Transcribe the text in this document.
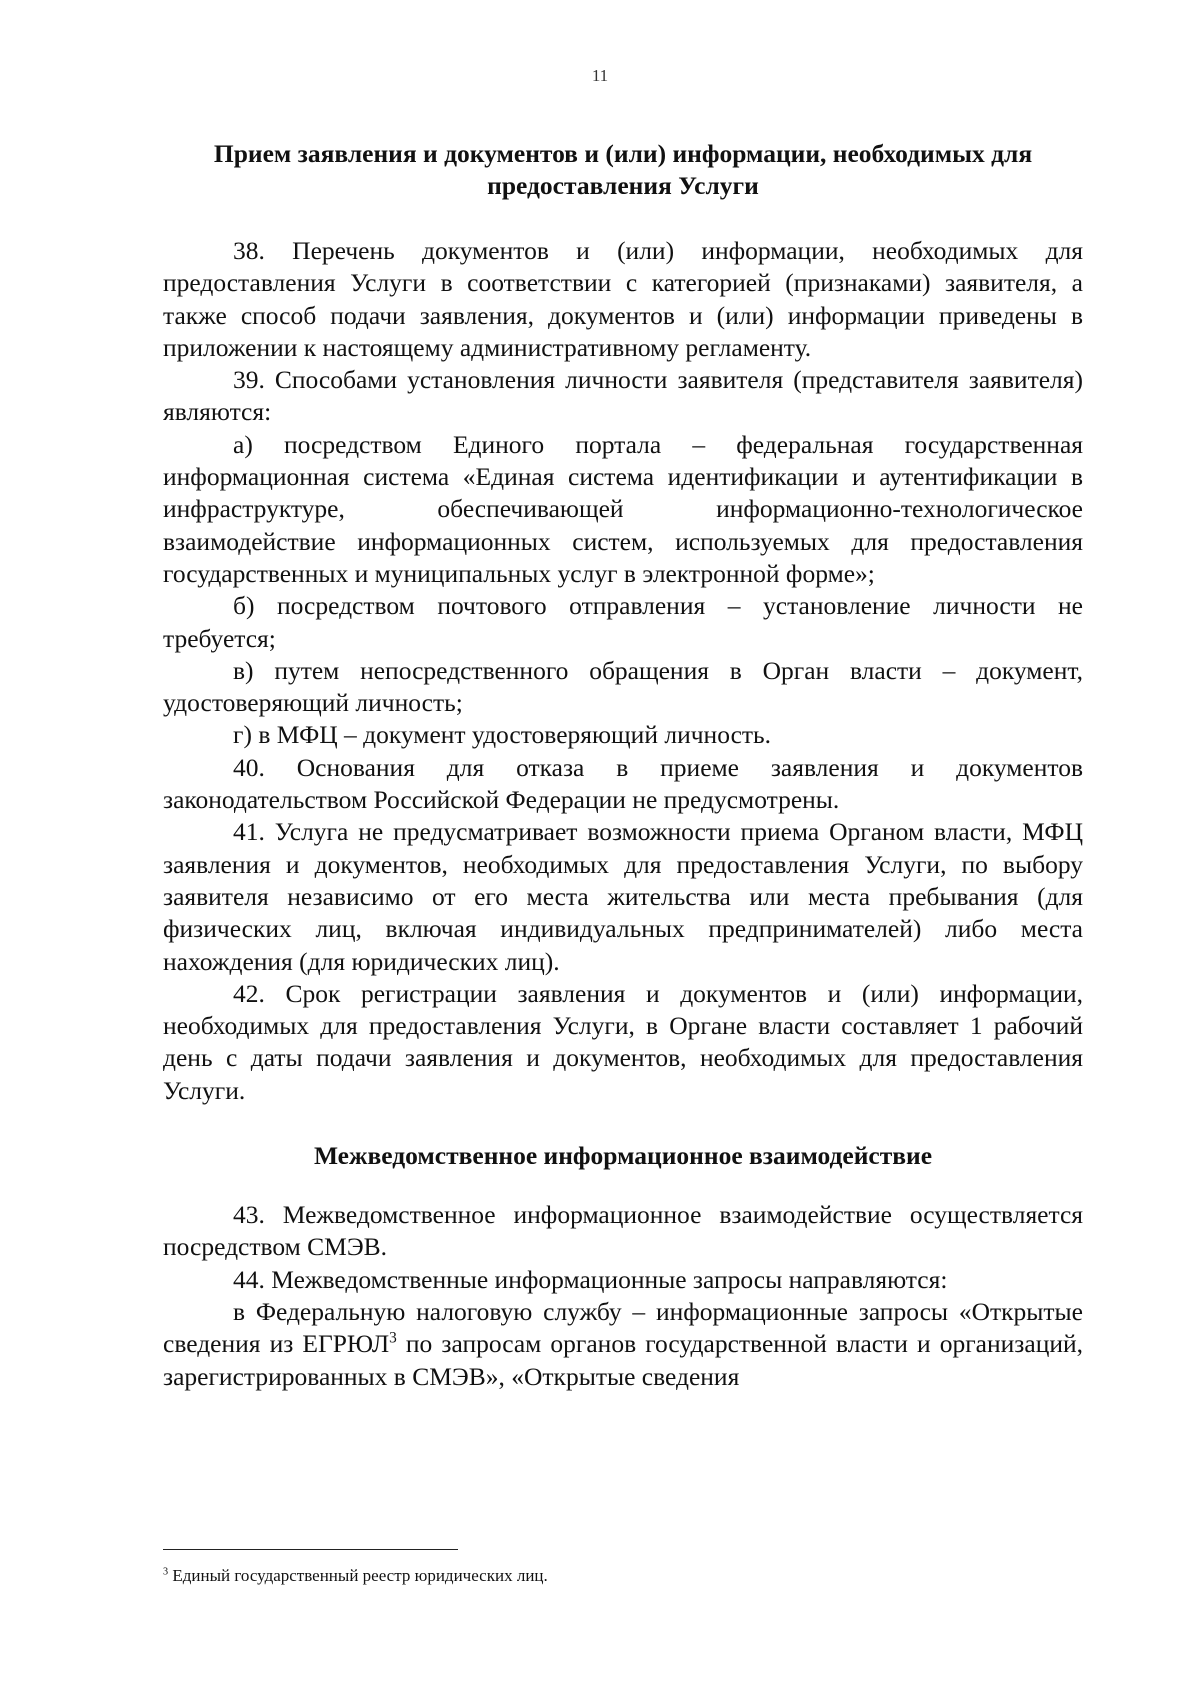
11
Прием заявления и документов и (или) информации, необходимых для
предоставления Услуги

38. Перечень документов и (или) информации, необходимых для предоставления Услуги в соответствии с категорией (признаками) заявителя, а также способ подачи заявления, документов и (или) информации приведены в приложении к настоящему административному регламенту.

39. Способами установления личности заявителя (представителя заявителя) являются:

а) посредством Единого портала – федеральная государственная информационная система «Единая система идентификации и аутентификации в инфраструктуре, обеспечивающей информационно-технологическое взаимодействие информационных систем, используемых для предоставления государственных и муниципальных услуг в электронной форме»;

б) посредством почтового отправления – установление личности не требуется;

в) путем непосредственного обращения в Орган власти – документ, удостоверяющий личность;

г) в МФЦ – документ удостоверяющий личность.

40. Основания для отказа в приеме заявления и документов законодательством Российской Федерации не предусмотрены.

41. Услуга не предусматривает возможности приема Органом власти, МФЦ заявления и документов, необходимых для предоставления Услуги, по выбору заявителя независимо от его места жительства или места пребывания (для физических лиц, включая индивидуальных предпринимателей) либо места нахождения (для юридических лиц).

42. Срок регистрации заявления и документов и (или) информации, необходимых для предоставления Услуги, в Органе власти составляет 1 рабочий день с даты подачи заявления и документов, необходимых для предоставления Услуги.

Межведомственное информационное взаимодействие

43. Межведомственное информационное взаимодействие осуществляется посредством СМЭВ.

44. Межведомственные информационные запросы направляются:

в Федеральную налоговую службу – информационные запросы «Открытые сведения из ЕГРЮЛ$^3$ по запросам органов государственной власти и организаций, зарегистрированных в СМЭВ», «Открытые сведения

$^3$ Единый государственный реестр юридических лиц.
